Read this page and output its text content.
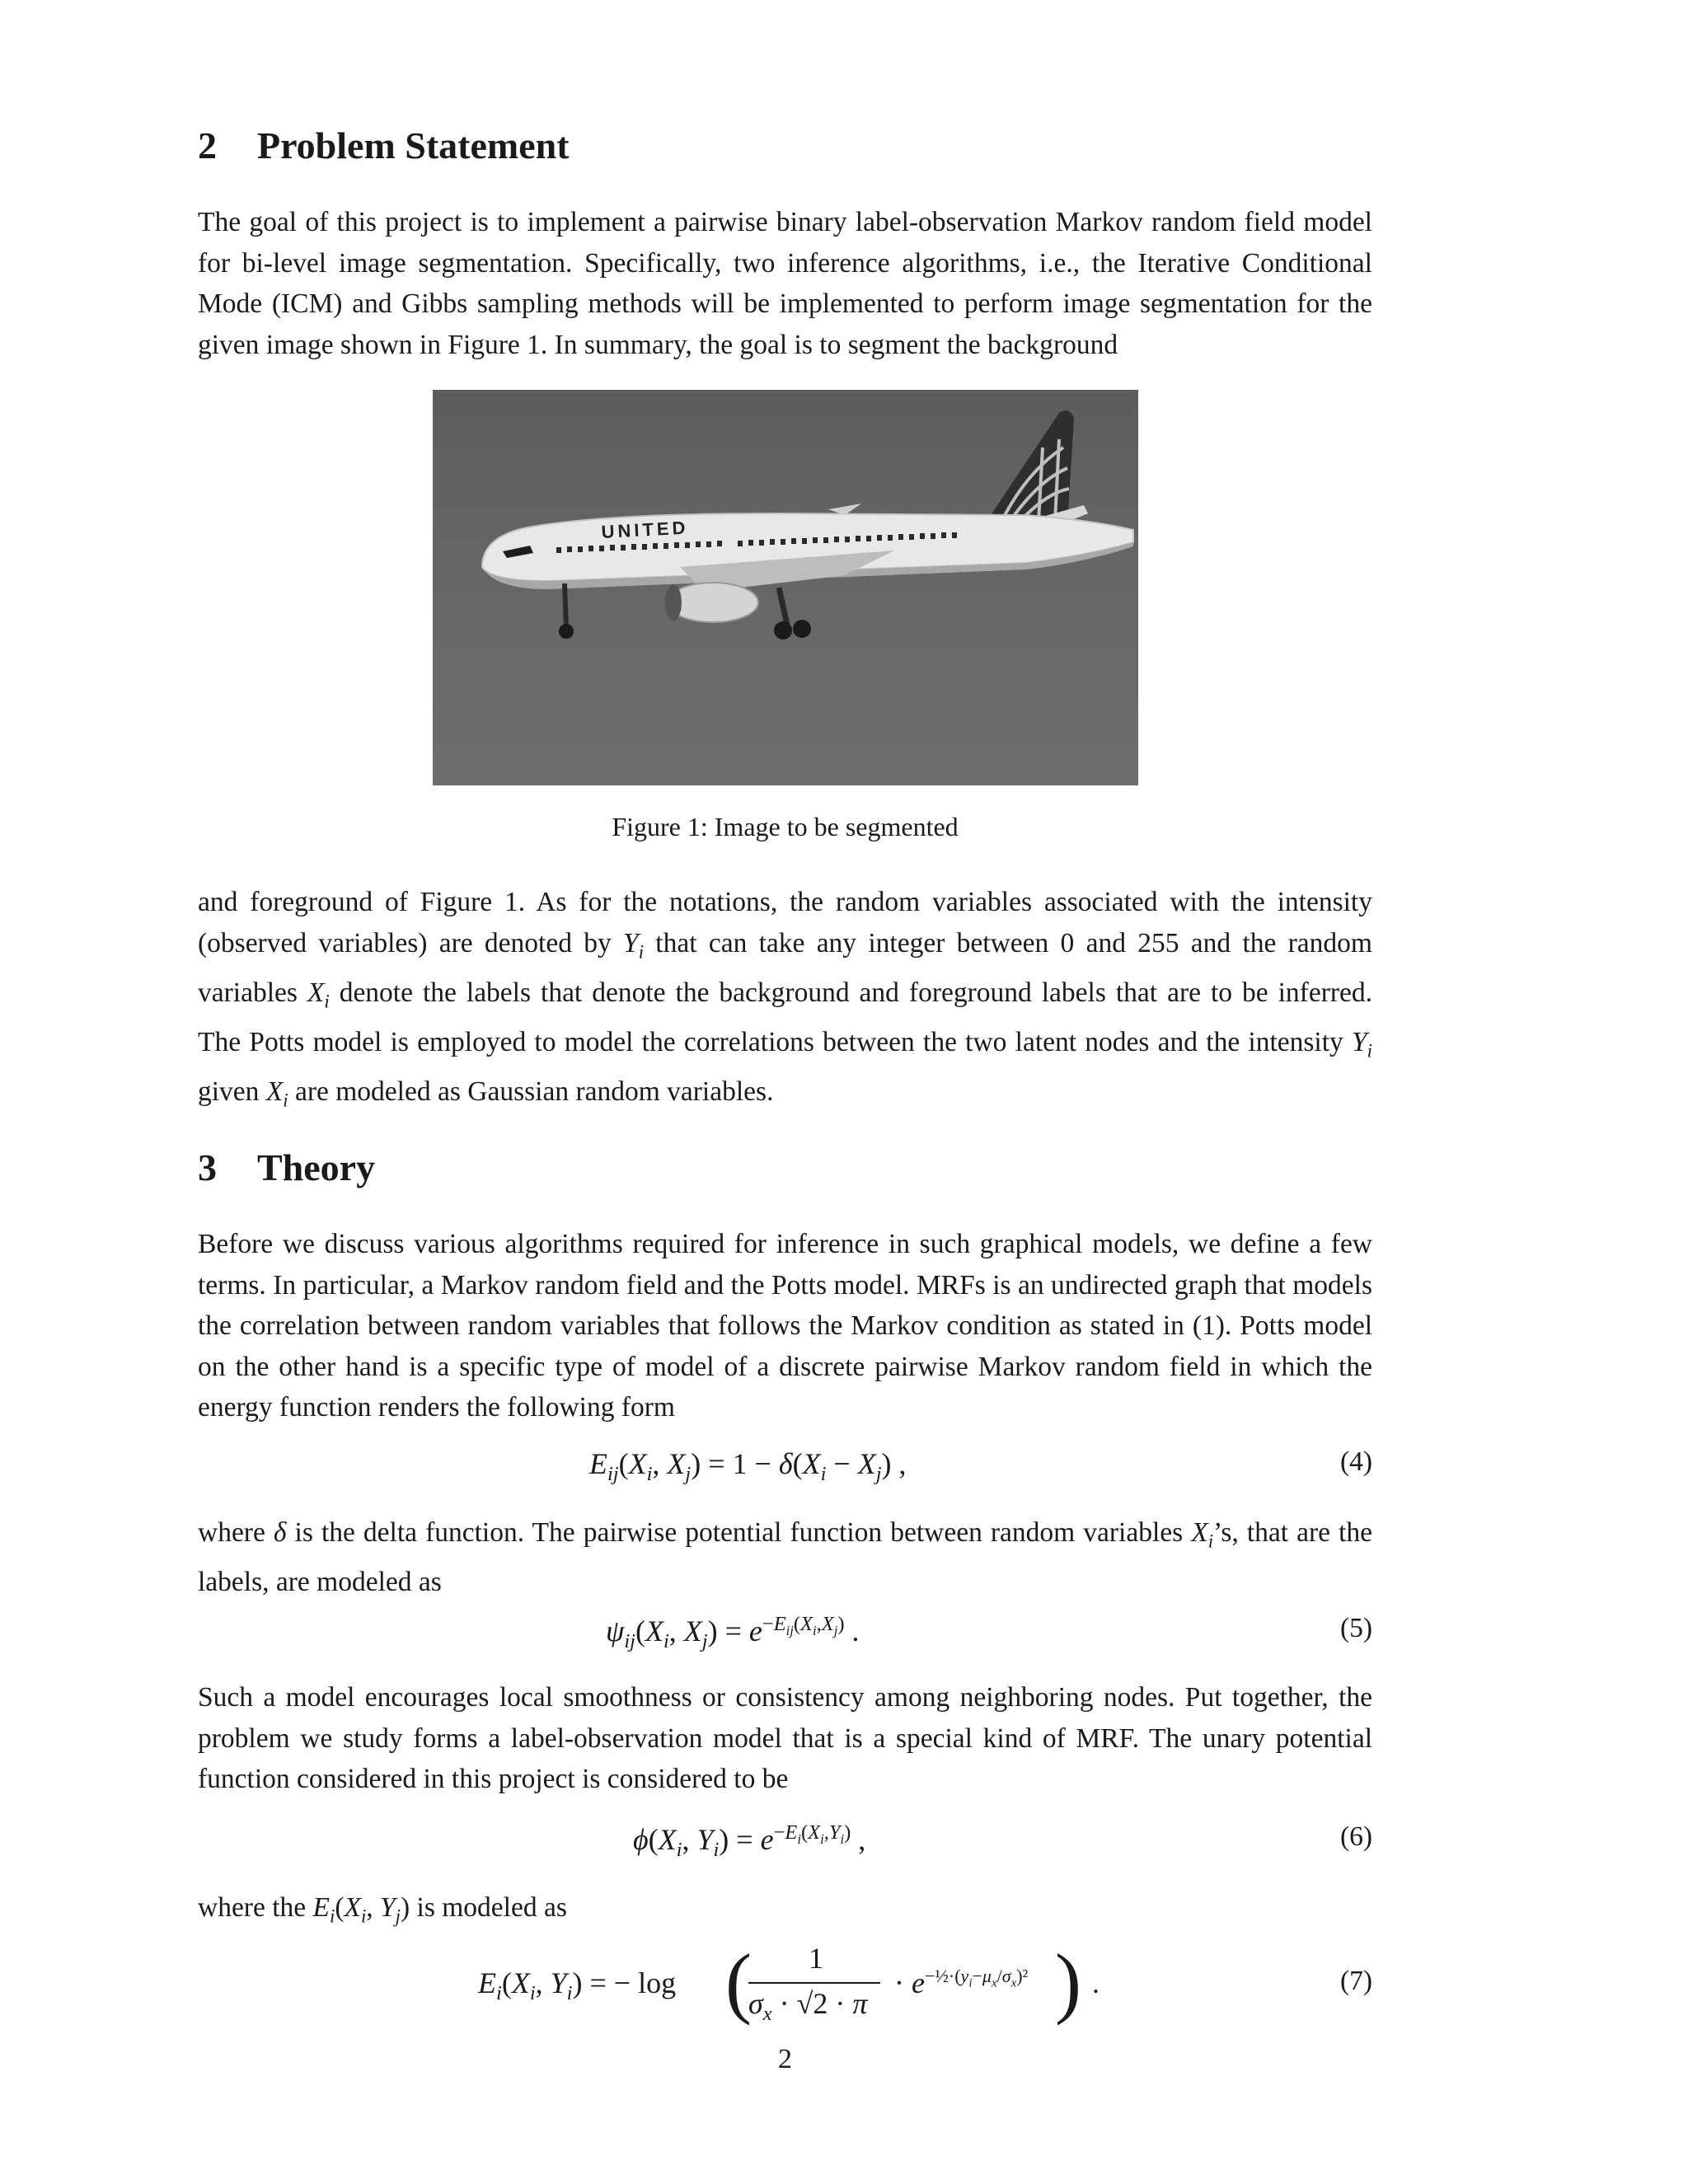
2 Problem Statement

The goal of this project is to implement a pairwise binary label-observation Markov random field model for bi-level image segmentation. Specifically, two inference algorithms, i.e., the Iterative Conditional Mode (ICM) and Gibbs sampling methods will be implemented to perform image segmentation for the given image shown in Figure 1. In summary, the goal is to segment the background

UNITED
Figure 1: Image to be segmented

and foreground of Figure 1. As for the notations, the random variables associated with the intensity (observed variables) are denoted by $Y_i$ that can take any integer between 0 and 255 and the random variables $X_i$ denote the labels that denote the background and foreground labels that are to be inferred. The Potts model is employed to model the correlations between the two latent nodes and the intensity $Y_i$ given $X_i$ are modeled as Gaussian random variables.

3 Theory

Before we discuss various algorithms required for inference in such graphical models, we define a few terms. In particular, a Markov random field and the Potts model. MRFs is an undirected graph that models the correlation between random variables that follows the Markov condition as stated in (1). Potts model on the other hand is a specific type of model of a discrete pairwise Markov random field in which the energy function renders the following form

$E_{ij}(X_i$, $X_j) = 1 - \delta(X_i - X_j)$ ,	(4)

where δ is the delta function. The pairwise potential function between random variables $X_i’s$, that are the labels, are modeled as

$\psi_{ij}(X_i$, $X_j) = e^{-E_{ij}(X_i,X_j)}$ .	(5)

Such a model encourages local smoothness or consistency among neighboring nodes. Put together, the problem we study forms a label-observation model that is a special kind of MRF. The unary potential function considered in this project is considered to be

$\phi(X_i$, $Y_i) = e^{-E_i(X_i,Y_i)}$ ,	(6)

where the $E_i(X_i$, $Y_j$) is modeled as

$E_i(X_i$, $Y_i$) = − log (	1
$\sigma_x \cdot √2 \cdot \pi$
· $e^{-\frac{1}{2}\cdot(y_i-\mu_x/\sigma_x)^2}$ ) .	(7)
2
